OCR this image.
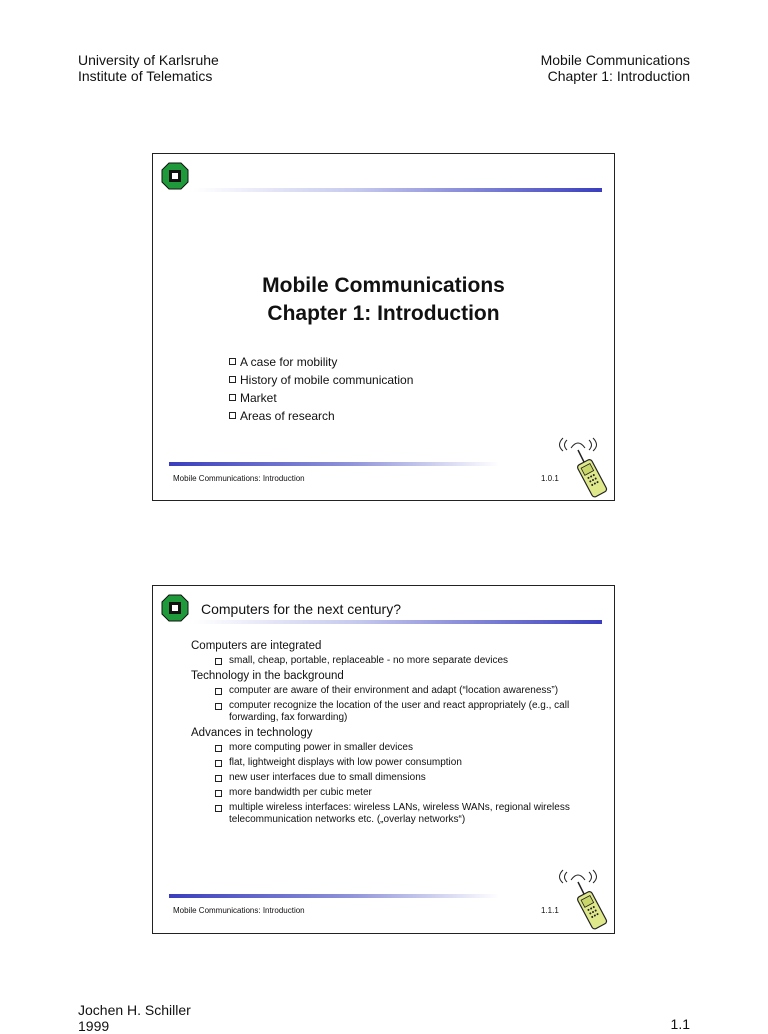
University of Karlsruhe
Institute of Telematics
Mobile Communications
Chapter 1: Introduction
Mobile Communications
Chapter 1: Introduction
A case for mobility
History of mobile communication
Market
Areas of research
Mobile Communications: Introduction	1.0.1
Computers for the next century?
Computers are integrated
small, cheap, portable, replaceable - no more separate devices
Technology in the background
computer are aware of their environment and adapt (“location awareness”)
computer recognize the location of the user and react appropriately (e.g., call forwarding, fax forwarding)
Advances in technology
more computing power in smaller devices
flat, lightweight displays with low power consumption
new user interfaces due to small dimensions
more bandwidth per cubic meter
multiple wireless interfaces: wireless LANs, wireless WANs, regional wireless telecommunication networks etc. („overlay networks“)
Mobile Communications: Introduction	1.1.1
Jochen H. Schiller
1999	1.1
